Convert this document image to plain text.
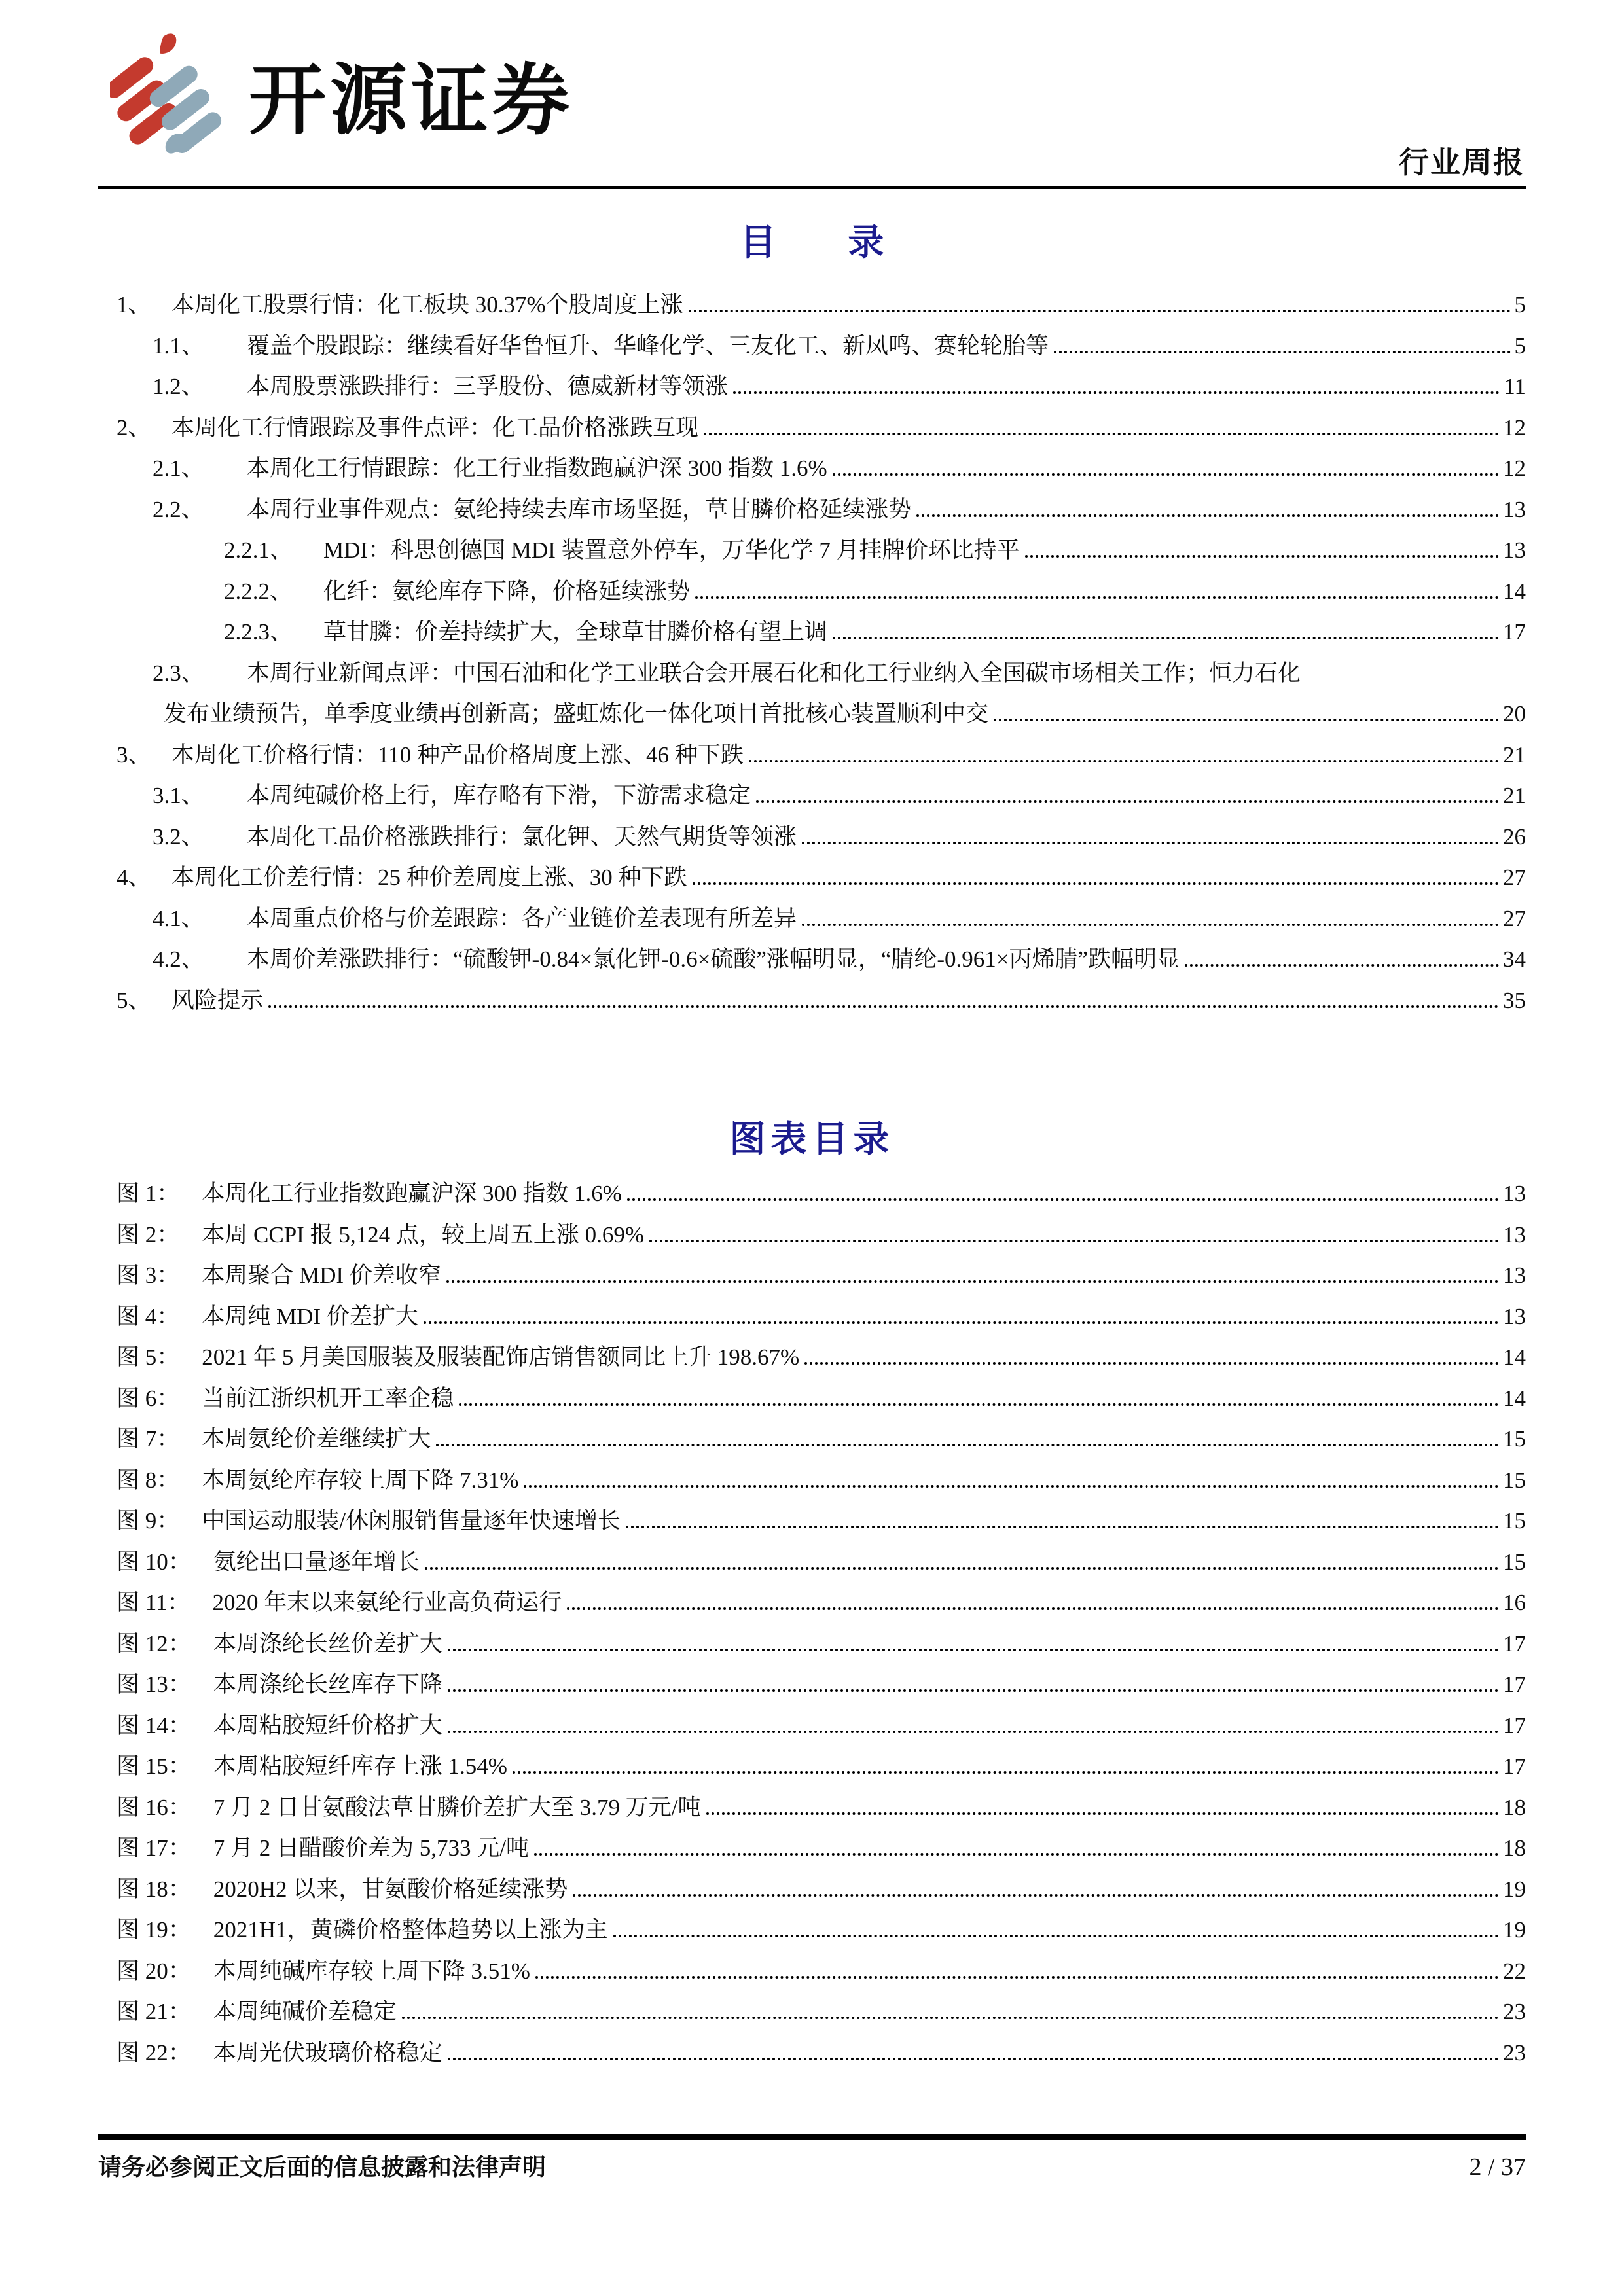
开源证券
行业周报
目　　录
1、 本周化工股票行情：化工板块 30.37%个股周度上涨	5
1.1、	覆盖个股跟踪：继续看好华鲁恒升、华峰化学、三友化工、新凤鸣、赛轮轮胎等	5
1.2、	本周股票涨跌排行：三孚股份、德威新材等领涨	11
2、 本周化工行情跟踪及事件点评：化工品价格涨跌互现	12
2.1、	本周化工行情跟踪：化工行业指数跑赢沪深 300 指数 1.6%	12
2.2、	本周行业事件观点：氨纶持续去库市场坚挺，草甘膦价格延续涨势	13
2.2.1、	MDI：科思创德国 MDI 装置意外停车，万华化学 7 月挂牌价环比持平	13
2.2.2、	化纤：氨纶库存下降，价格延续涨势	14
2.2.3、	草甘膦：价差持续扩大，全球草甘膦价格有望上调	17
2.3、	本周行业新闻点评：中国石油和化学工业联合会开展石化和化工行业纳入全国碳市场相关工作；恒力石化
发布业绩预告，单季度业绩再创新高；盛虹炼化一体化项目首批核心装置顺利中交	20
3、 本周化工价格行情：110 种产品价格周度上涨、46 种下跌	21
3.1、	本周纯碱价格上行，库存略有下滑，下游需求稳定	21
3.2、	本周化工品价格涨跌排行：氯化钾、天然气期货等领涨	26
4、 本周化工价差行情：25 种价差周度上涨、30 种下跌	27
4.1、	本周重点价格与价差跟踪：各产业链价差表现有所差异	27
4.2、	本周价差涨跌排行：“硫酸钾-0.84×氯化钾-0.6×硫酸”涨幅明显，“腈纶-0.961×丙烯腈”跌幅明显	34
5、 风险提示	35
图表目录
图 1： 本周化工行业指数跑赢沪深 300 指数 1.6%	13
图 2： 本周 CCPI 报 5,124 点，较上周五上涨 0.69%	13
图 3： 本周聚合 MDI 价差收窄	13
图 4： 本周纯 MDI 价差扩大	13
图 5： 2021 年 5 月美国服装及服装配饰店销售额同比上升 198.67%	14
图 6： 当前江浙织机开工率企稳	14
图 7： 本周氨纶价差继续扩大	15
图 8： 本周氨纶库存较上周下降 7.31%	15
图 9： 中国运动服装/休闲服销售量逐年快速增长	15
图 10： 氨纶出口量逐年增长	15
图 11： 2020 年末以来氨纶行业高负荷运行	16
图 12： 本周涤纶长丝价差扩大	17
图 13： 本周涤纶长丝库存下降	17
图 14： 本周粘胶短纤价格扩大	17
图 15： 本周粘胶短纤库存上涨 1.54%	17
图 16： 7 月 2 日甘氨酸法草甘膦价差扩大至 3.79 万元/吨	18
图 17： 7 月 2 日醋酸价差为 5,733 元/吨	18
图 18： 2020H2 以来，甘氨酸价格延续涨势	19
图 19： 2021H1，黄磷价格整体趋势以上涨为主	19
图 20： 本周纯碱库存较上周下降 3.51%	22
图 21： 本周纯碱价差稳定	23
图 22： 本周光伏玻璃价格稳定	23
请务必参阅正文后面的信息披露和法律声明	2 / 37
